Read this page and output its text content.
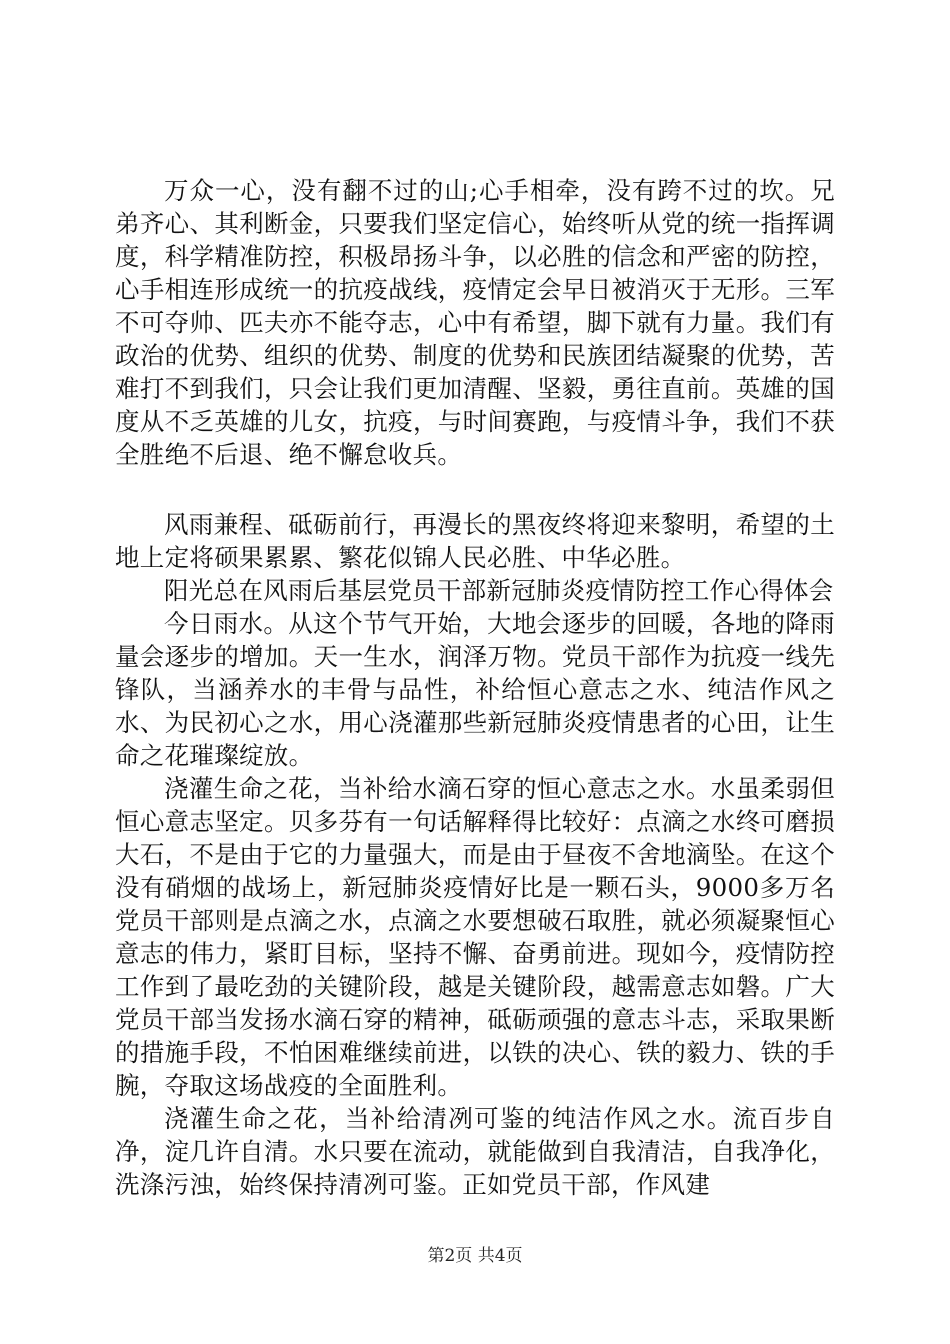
万众一心，没有翻不过的山;心手相牵，没有跨不过的坎。兄弟齐心、其利断金，只要我们坚定信心，始终听从党的统一指挥调度，科学精准防控，积极昂扬斗争，以必胜的信念和严密的防控，心手相连形成统一的抗疫战线，疫情定会早日被消灭于无形。三军不可夺帅、匹夫亦不能夺志，心中有希望，脚下就有力量。我们有政治的优势、组织的优势、制度的优势和民族团结凝聚的优势，苦难打不到我们，只会让我们更加清醒、坚毅，勇往直前。英雄的国度从不乏英雄的儿女，抗疫，与时间赛跑，与疫情斗争，我们不获全胜绝不后退、绝不懈怠收兵。

风雨兼程、砥砺前行，再漫长的黑夜终将迎来黎明，希望的土地上定将硕果累累、繁花似锦人民必胜、中华必胜。

阳光总在风雨后基层党员干部新冠肺炎疫情防控工作心得体会

今日雨水。从这个节气开始，大地会逐步的回暖，各地的降雨量会逐步的增加。天一生水，润泽万物。党员干部作为抗疫一线先锋队，当涵养水的丰骨与品性，补给恒心意志之水、纯洁作风之水、为民初心之水，用心浇灌那些新冠肺炎疫情患者的心田，让生命之花璀璨绽放。

浇灌生命之花，当补给水滴石穿的恒心意志之水。水虽柔弱但恒心意志坚定。贝多芬有一句话解释得比较好：点滴之水终可磨损大石，不是由于它的力量强大，而是由于昼夜不舍地滴坠。在这个没有硝烟的战场上，新冠肺炎疫情好比是一颗石头，9000多万名党员干部则是点滴之水，点滴之水要想破石取胜，就必须凝聚恒心意志的伟力，紧盯目标，坚持不懈、奋勇前进。现如今，疫情防控工作到了最吃劲的关键阶段，越是关键阶段，越需意志如磐。广大党员干部当发扬水滴石穿的精神，砥砺顽强的意志斗志，采取果断的措施手段，不怕困难继续前进，以铁的决心、铁的毅力、铁的手腕，夺取这场战疫的全面胜利。

浇灌生命之花，当补给清冽可鉴的纯洁作风之水。流百步自净，淀几许自清。水只要在流动，就能做到自我清洁，自我净化，洗涤污浊，始终保持清冽可鉴。正如党员干部，作风建

第2页 共4页
